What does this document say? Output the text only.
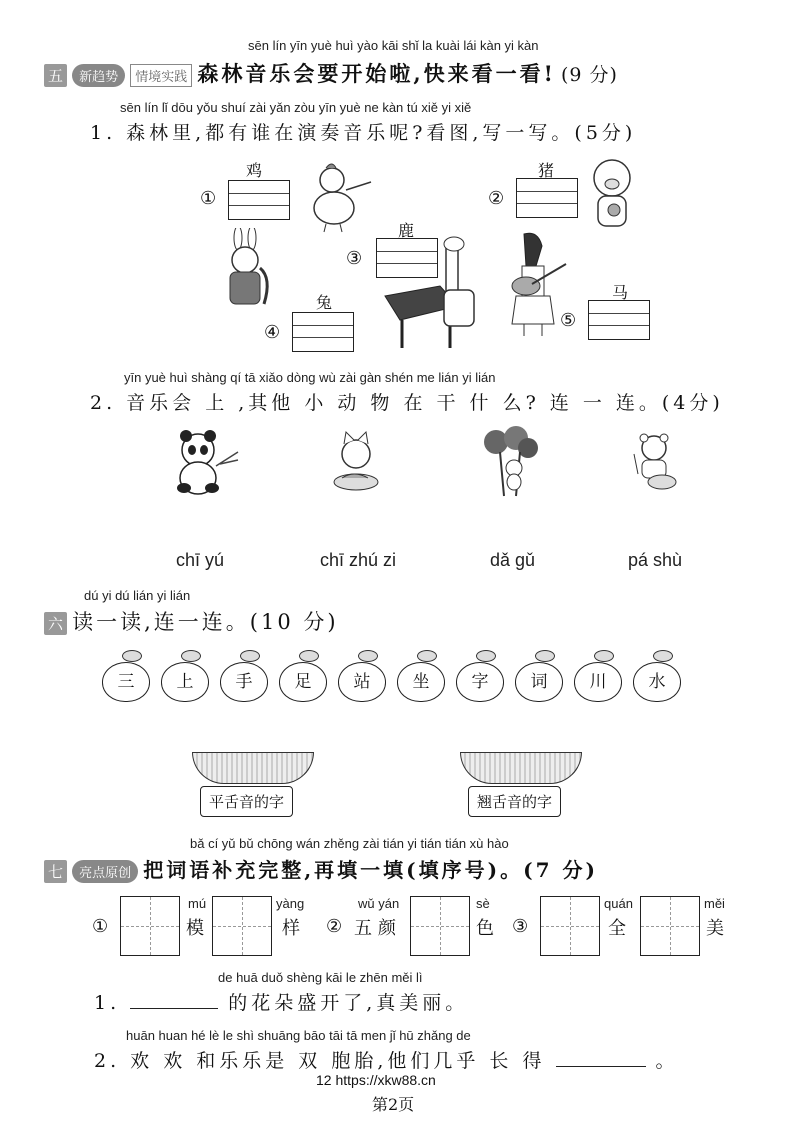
sēn lín yīn yuè huì yào kāi shǐ la kuài lái kàn yi kàn
五 新趋势 情境实践 森林音乐会要开始啦,快来看一看! (9 分)
sēn lín lǐ dōu yǒu shuí zài yǎn zòu yīn yuè ne kàn tú xiě yi xiě
1. 森林里,都有谁在演奏音乐呢?看图,写一写。(5分)
鸡
①
猪
②
鹿
③
兔
④
马
⑤
yīn yuè huì shàng qí tā xiǎo dòng wù zài gàn shén me lián yi lián
2. 音乐会 上 ,其他 小 动 物 在 干 什 么? 连 一 连。(4分)
chī yú	chī zhú zi	dǎ gǔ	pá shù
dú yi dú lián yi lián
六 读一读,连一连。(10 分)
三	上	手	足	站	坐	字	词	川	水
平舌音的字	翘舌音的字
bǎ cí yǔ bǔ chōng wán zhěng zài tián yi tián tián xù hào
七 亮点原创 把词语补充完整,再填一填(填序号)。(7 分)
①
mú
模
yàng
样 ②
wǔ yán
五颜
sè
色 ③
quán
全
měi
美
de huā duǒ shèng kāi le zhēn měi lì
1.	的花朵盛开了,真美丽。
huān huan hé lè le shì shuāng bāo tāi tā men jǐ hū zhǎng de
2. 欢 欢 和乐乐是 双 胞胎,他们几乎 长 得	。
12 https://xkw88.cn
第2页
